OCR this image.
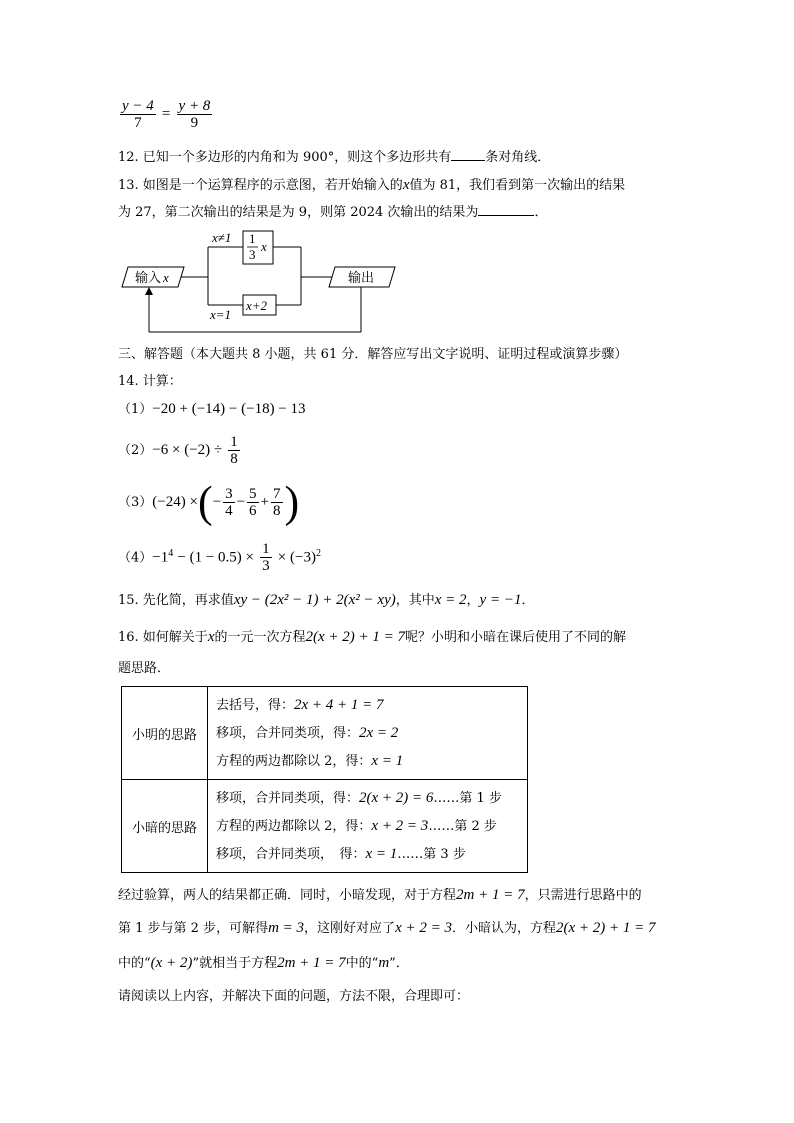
$\frac{y - 4}{7} = \frac{y + 8}{9}$
12. 已知一个多边形的内角和为 900°，则这个多边形共有	条对角线．
13. 如图是一个运算程序的示意图，若开始输入的x值为 81，我们看到第一次输出的结果
为 27，第二次输出的结果是为 9，则第 2024 次输出的结果为	．
输入 x	输出
x≠1
x=1
1
3
x
x+2
三、解答题（本大题共 8 小题，共 61 分．解答应写出文字说明、证明过程或演算步骤）
14. 计算：
（1）−20 + (−14) − (−18) − 13
$(2)-6 \times (-2) \div \frac{1}{8}$
（3）(−24) ×(− $\frac{3}{4} - \frac{5}{6} + \frac{7}{8}$ )
$(4)-1^4 - (1 - 0.5) \times \frac{1}{3} \times (-3)^2$
15. 先化简，再求值xy − (2x² − 1) + 2(x² − xy)，其中x = 2，y = −1．
16. 如何解关于x的一元一次方程2(x + 2) + 1 = 7呢？小明和小暗在课后使用了不同的解
题思路．
小明的思路	去括号，得：2x + 4 + 1 = 7
移项，合并同类项，得：2x = 2
方程的两边都除以 2，得：x = 1

小暗的思路	移项，合并同类项，得：2(x + 2) = 6……第 1 步
方程的两边都除以 2，得：x + 2 = 3……第 2 步
移项，合并同类项，　得：x = 1……第 3 步
经过验算，两人的结果都正确．同时，小暗发现，对于方程2m + 1 = 7，只需进行思路中的
第 1 步与第 2 步，可解得m = 3，这刚好对应了x + 2 = 3．小暗认为，方程2(x + 2) + 1 = 7
中的“(x + 2)”就相当于方程2m + 1 = 7中的“m”．
请阅读以上内容，并解决下面的问题，方法不限，合理即可：
